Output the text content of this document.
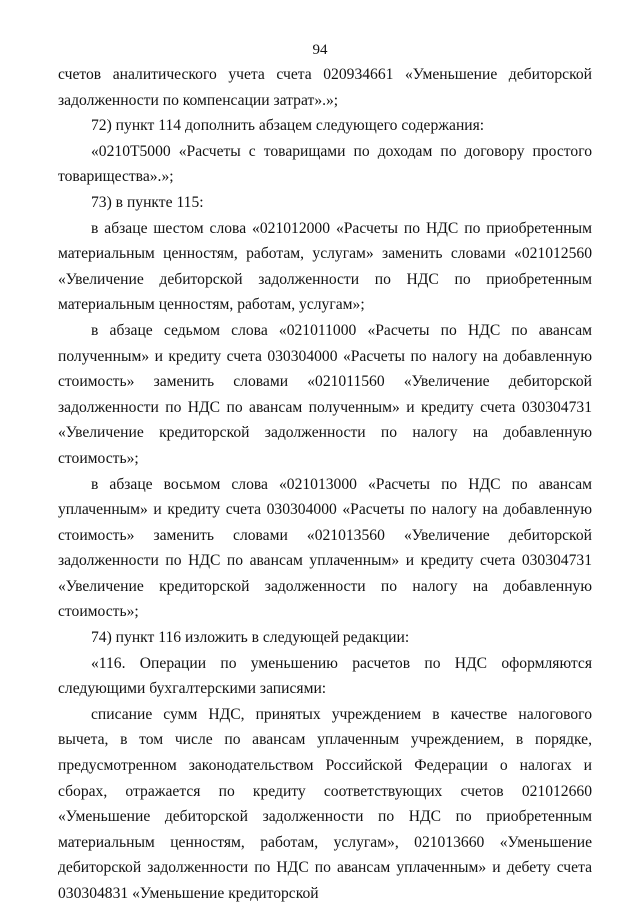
94

счетов аналитического учета счета 020934661 «Уменьшение дебиторской задолженности по компенсации затрат».»;

72) пункт 114 дополнить абзацем следующего содержания:

«0210Т5000 «Расчеты с товарищами по доходам по договору простого товарищества».»;

73) в пункте 115:

в абзаце шестом слова «021012000 «Расчеты по НДС по приобретенным материальным ценностям, работам, услугам» заменить словами «021012560 «Увеличение дебиторской задолженности по НДС по приобретенным материальным ценностям, работам, услугам»;

в абзаце седьмом слова «021011000 «Расчеты по НДС по авансам полученным» и кредиту счета 030304000 «Расчеты по налогу на добавленную стоимость» заменить словами «021011560 «Увеличение дебиторской задолженности по НДС по авансам полученным» и кредиту счета 030304731 «Увеличение кредиторской задолженности по налогу на добавленную стоимость»;

в абзаце восьмом слова «021013000 «Расчеты по НДС по авансам уплаченным» и кредиту счета 030304000 «Расчеты по налогу на добавленную стоимость» заменить словами «021013560 «Увеличение дебиторской задолженности по НДС по авансам уплаченным» и кредиту счета 030304731 «Увеличение кредиторской задолженности по налогу на добавленную стоимость»;

74) пункт 116 изложить в следующей редакции:

«116. Операции по уменьшению расчетов по НДС оформляются следующими бухгалтерскими записями:

списание сумм НДС, принятых учреждением в качестве налогового вычета, в том числе по авансам уплаченным учреждением, в порядке, предусмотренном законодательством Российской Федерации о налогах и сборах, отражается по кредиту соответствующих счетов 021012660 «Уменьшение дебиторской задолженности по НДС по приобретенным материальным ценностям, работам, услугам», 021013660 «Уменьшение дебиторской задолженности по НДС по авансам уплаченным» и дебету счета 030304831 «Уменьшение кредиторской
